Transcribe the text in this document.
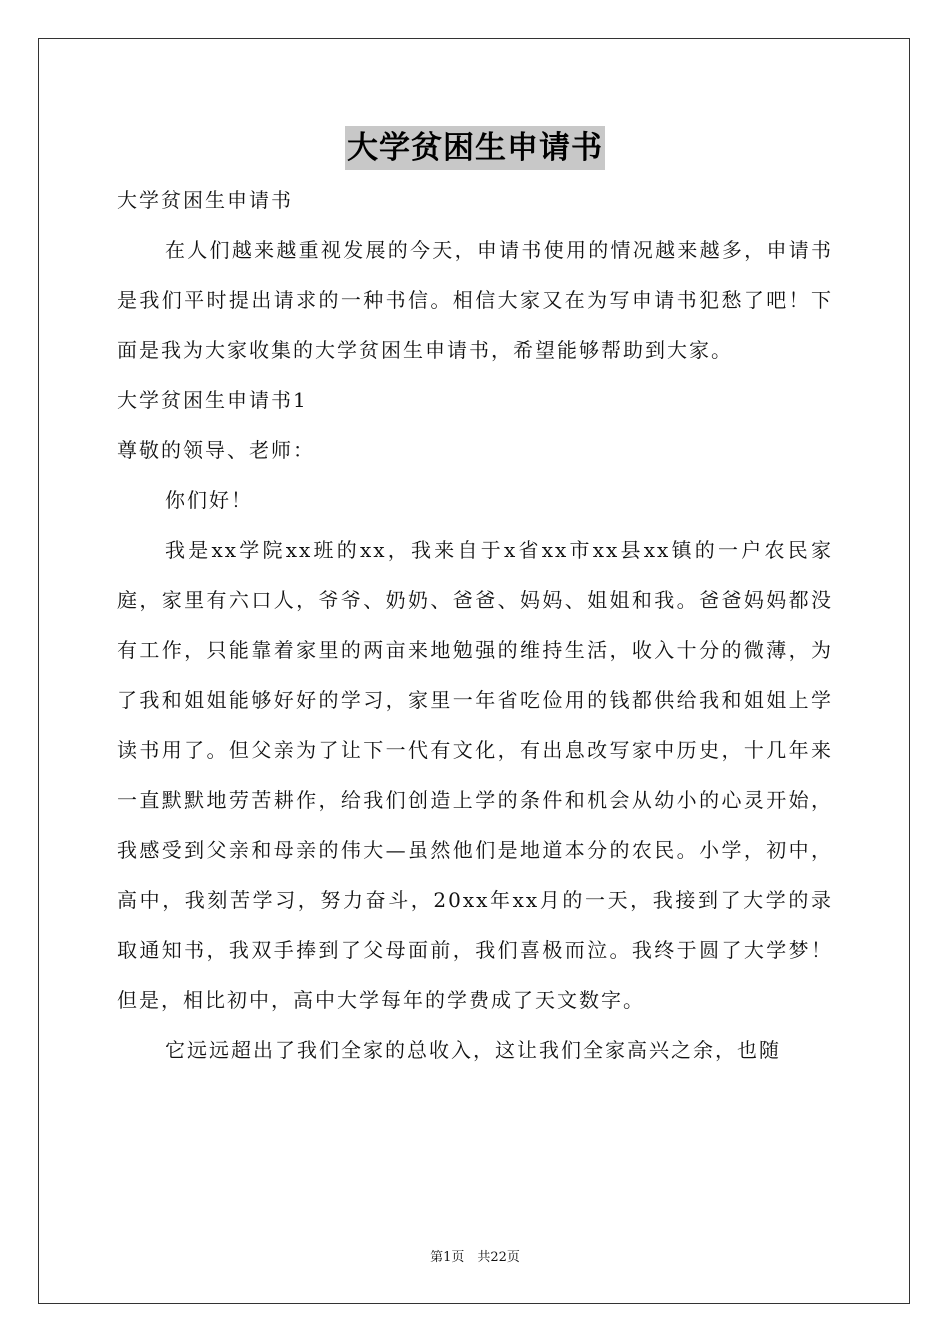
大学贫困生申请书

大学贫困生申请书

在人们越来越重视发展的今天，申请书使用的情况越来越多，申请书是我们平时提出请求的一种书信。相信大家又在为写申请书犯愁了吧！下面是我为大家收集的大学贫困生申请书，希望能够帮助到大家。

大学贫困生申请书1

尊敬的领导、老师：

你们好！

我是xx学院xx班的xx，我来自于x省xx市xx县xx镇的一户农民家庭，家里有六口人，爷爷、奶奶、爸爸、妈妈、姐姐和我。爸爸妈妈都没有工作，只能靠着家里的两亩来地勉强的维持生活，收入十分的微薄，为了我和姐姐能够好好的学习，家里一年省吃俭用的钱都供给我和姐姐上学读书用了。但父亲为了让下一代有文化，有出息改写家中历史，十几年来一直默默地劳苦耕作，给我们创造上学的条件和机会从幼小的心灵开始，我感受到父亲和母亲的伟大—虽然他们是地道本分的农民。小学，初中，高中，我刻苦学习，努力奋斗，20xx年xx月的一天，我接到了大学的录取通知书，我双手捧到了父母面前，我们喜极而泣。我终于圆了大学梦！但是，相比初中，高中大学每年的学费成了天文数字。

它远远超出了我们全家的总收入，这让我们全家高兴之余，也随

第1页　共22页
